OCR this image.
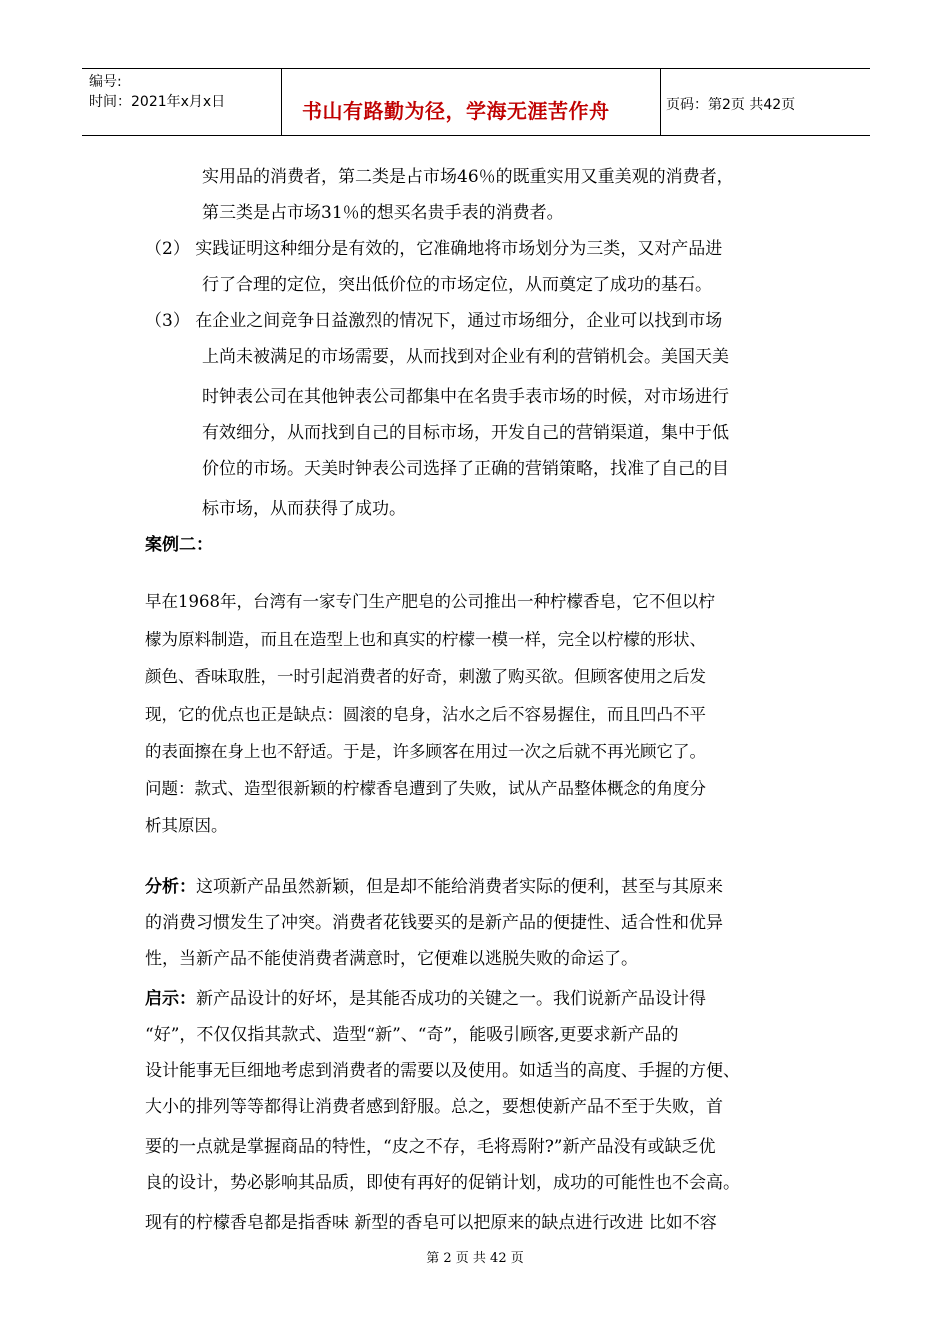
编号:
时间：2021年x月x日	书山有路勤为径，学海无涯苦作舟	页码：第2页 共42页
实用品的消费者，第二类是占市场46％的既重实用又重美观的消费者，
第三类是占市场31％的想买名贵手表的消费者。
（2） 实践证明这种细分是有效的，它准确地将市场划分为三类，又对产品进
行了合理的定位，突出低价位的市场定位，从而奠定了成功的基石。
（3） 在企业之间竞争日益激烈的情况下，通过市场细分，企业可以找到市场
上尚未被满足的市场需要，从而找到对企业有利的营销机会。美国天美
时钟表公司在其他钟表公司都集中在名贵手表市场的时候，对市场进行
有效细分，从而找到自己的目标市场，开发自己的营销渠道，集中于低
价位的市场。天美时钟表公司选择了正确的营销策略，找准了自己的目
标市场，从而获得了成功。
案例二：
早在1968年，台湾有一家专门生产肥皂的公司推出一种柠檬香皂，它不但以柠
檬为原料制造，而且在造型上也和真实的柠檬一模一样，完全以柠檬的形状、
颜色、香味取胜，一时引起消费者的好奇，刺激了购买欲。但顾客使用之后发
现，它的优点也正是缺点：圆滚的皂身，沾水之后不容易握住，而且凹凸不平
的表面擦在身上也不舒适。于是，许多顾客在用过一次之后就不再光顾它了。
问题：款式、造型很新颖的柠檬香皂遭到了失败，试从产品整体概念的角度分
析其原因。
分析：这项新产品虽然新颖，但是却不能给消费者实际的便利，甚至与其原来
的消费习惯发生了冲突。消费者花钱要买的是新产品的便捷性、适合性和优异
性，当新产品不能使消费者满意时，它便难以逃脱失败的命运了。
启示：新产品设计的好坏，是其能否成功的关键之一。我们说新产品设计得
“好”，不仅仅指其款式、造型“新”、“奇”，能吸引顾客,更要求新产品的
设计能事无巨细地考虑到消费者的需要以及使用。如适当的高度、手握的方便、
大小的排列等等都得让消费者感到舒服。总之，要想使新产品不至于失败，首
要的一点就是掌握商品的特性，“皮之不存，毛将焉附?”新产品没有或缺乏优
良的设计，势必影响其品质，即使有再好的促销计划，成功的可能性也不会高。
现有的柠檬香皂都是指香味 新型的香皂可以把原来的缺点进行改进 比如不容
第 2 页 共 42 页
